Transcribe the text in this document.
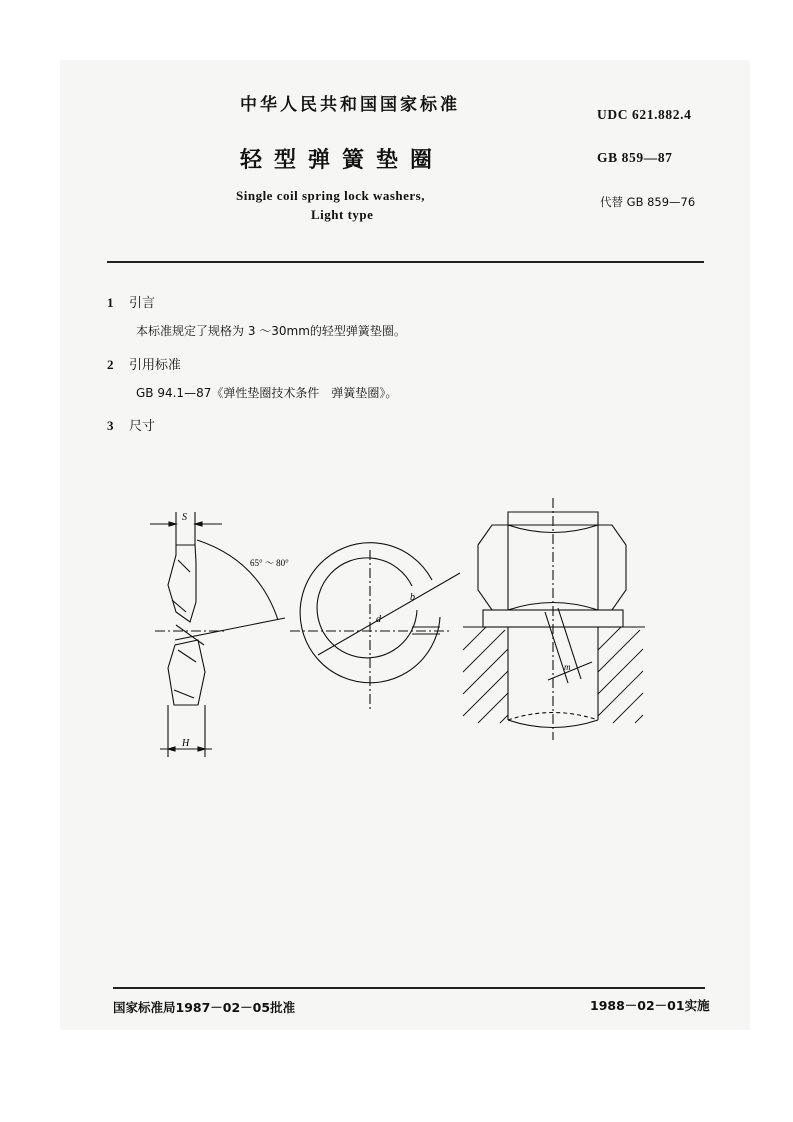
中华人民共和国国家标准
轻型弹簧垫圈
Single coil spring lock washers,
Light type
UDC 621.882.4
GB 859—87
代替 GB 859—76
1 引言
本标准规定了规格为 3 ～30mm的轻型弹簧垫圈。
2 引用标准
GB 94.1—87《弹性垫圈技术条件　弹簧垫圈》。
3 尺寸
S
H
65° ～ 80°
d
b
m
国家标准局1987－02－05批准	1988－02－01实施
